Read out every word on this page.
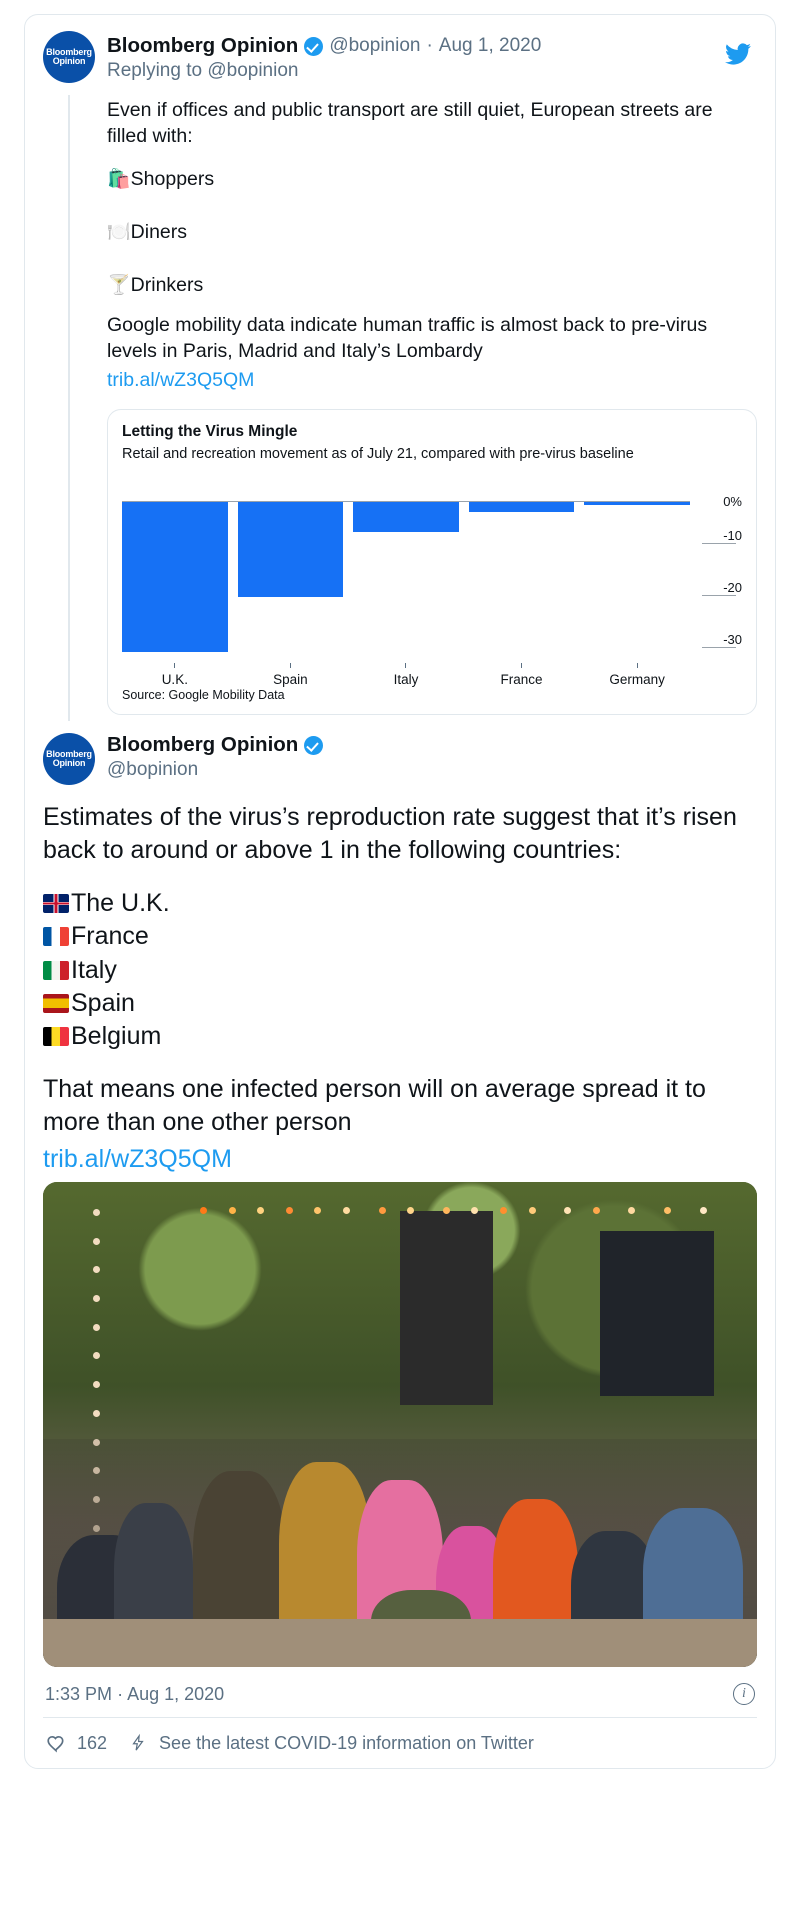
Bloomberg Opinion
Bloomberg Opinion @bopinion · Aug 1, 2020
Replying to @bopinion

Even if offices and public transport are still quiet, European streets are filled with:

🛍️ Shoppers

🍽️ Diners

🍸 Drinkers

Google mobility data indicate human traffic is almost back to pre-virus levels in Paris, Madrid and Italy’s Lombardy

trib.al/wZ3Q5QM

Letting the Virus Mingle
Retail and recreation movement as of July 21, compared with pre-virus baseline
0%
-10
-20
-30
U.K.	Spain	Italy	France	Germany
Source: Google Mobility Data
Bloomberg Opinion
Bloomberg Opinion
@bopinion

Estimates of the virus’s reproduction rate suggest that it’s risen back to around or above 1 in the following countries:

The U.K.
France
Italy
Spain
Belgium

That means one infected person will on average spread it to more than one other person

trib.al/wZ3Q5QM

1:33 PM · Aug 1, 2020	i
162	See the latest COVID-19 information on Twitter
